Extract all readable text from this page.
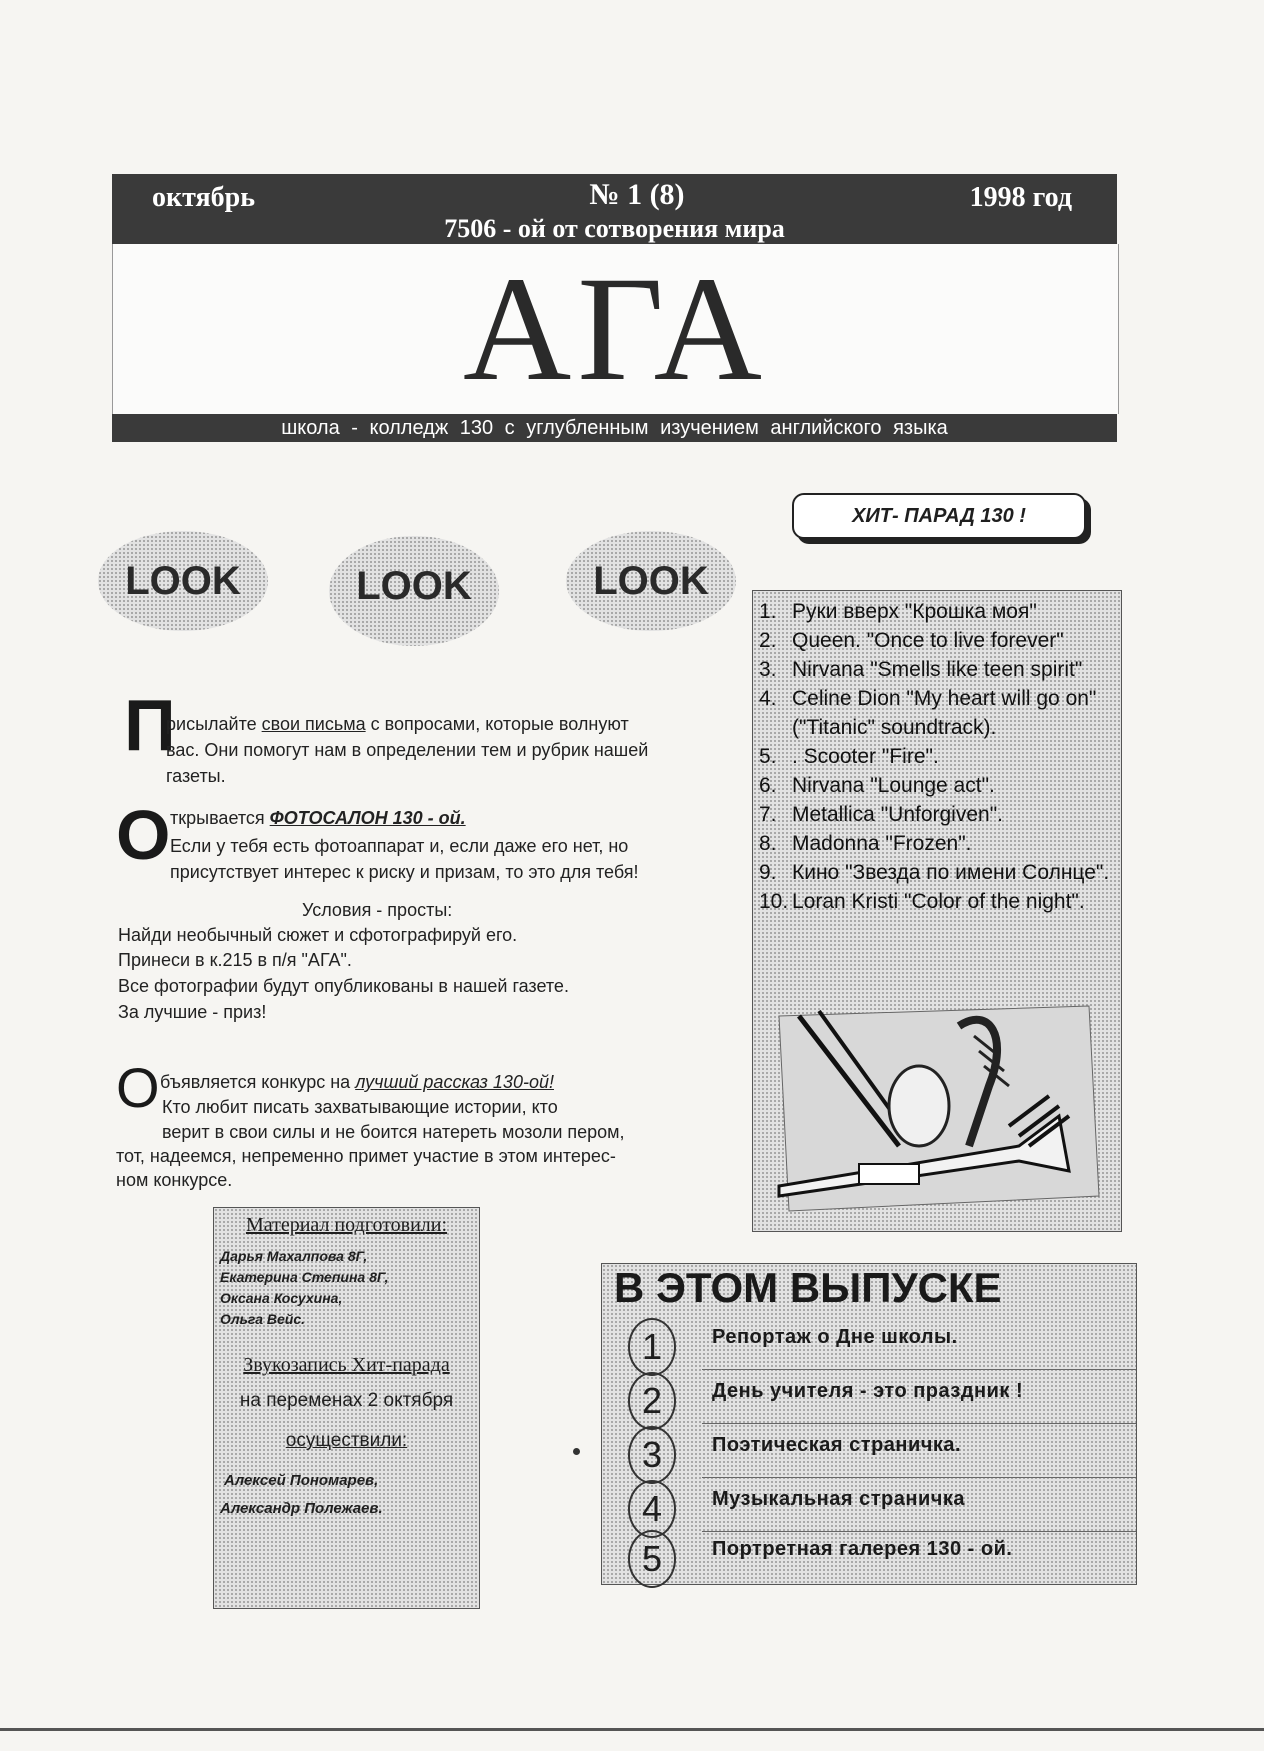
октябрь	№ 1 (8)	1998 год
7506 - ой от сотворения мира
АГА
школа - колледж 130 с углубленным изучением английского языка
ХИТ- ПАРАД 130 !
1. Руки вверх "Крошка моя"
2. Queen. "Once to live forever"
3. Nirvana "Smells like teen spirit"
4. Celine Dion "My heart will go on" ("Titanic" soundtrack).
5. . Scooter "Fire".
6. Nirvana "Lounge act".
7. Metallica "Unforgiven".
8. Madonna "Frozen".
9. Кино "Звезда по имени Солнце".
10. Loran Kristi "Color of the night".
LOOK	LOOK	LOOK
П
рисылайте свои письма с вопросами, которые волнуют
вас. Они помогут нам в определении тем и рубрик нашей
газеты.
О ткрывается ФОТОСАЛОН 130 - ой.
Если у тебя есть фотоаппарат и, если даже его нет, но
присутствует интерес к риску и призам, то это для тебя!
Условия - просты:
Найди необычный сюжет и сфотографируй его.
Принеси в к.215 в п/я "АГА".
Все фотографии будут опубликованы в нашей газете.
За лучшие - приз!
О бъявляется конкурс на лучший рассказ 130-ой!
Кто любит писать захватывающие истории, кто
верит в свои силы и не боится натереть мозоли пером,
тот, надеемся, непременно примет участие в этом интерес-
ном конкурсе.
Материал подготовили:
Дарья Махалпова 8Г,
Екатерина Степина 8Г,
Оксана Косухина,
Ольга Вейс.
Звукозапись Хит-парада
на переменах 2 октября
осуществили:
Алексей Пономарев,
Александр Полежаев.
В ЭТОМ ВЫПУСКЕ
1	Репортаж о Дне школы.
2	День учителя - это праздник !
3	Поэтическая страничка.
4	Музыкальная страничка
5	Портретная галерея 130 - ой.
